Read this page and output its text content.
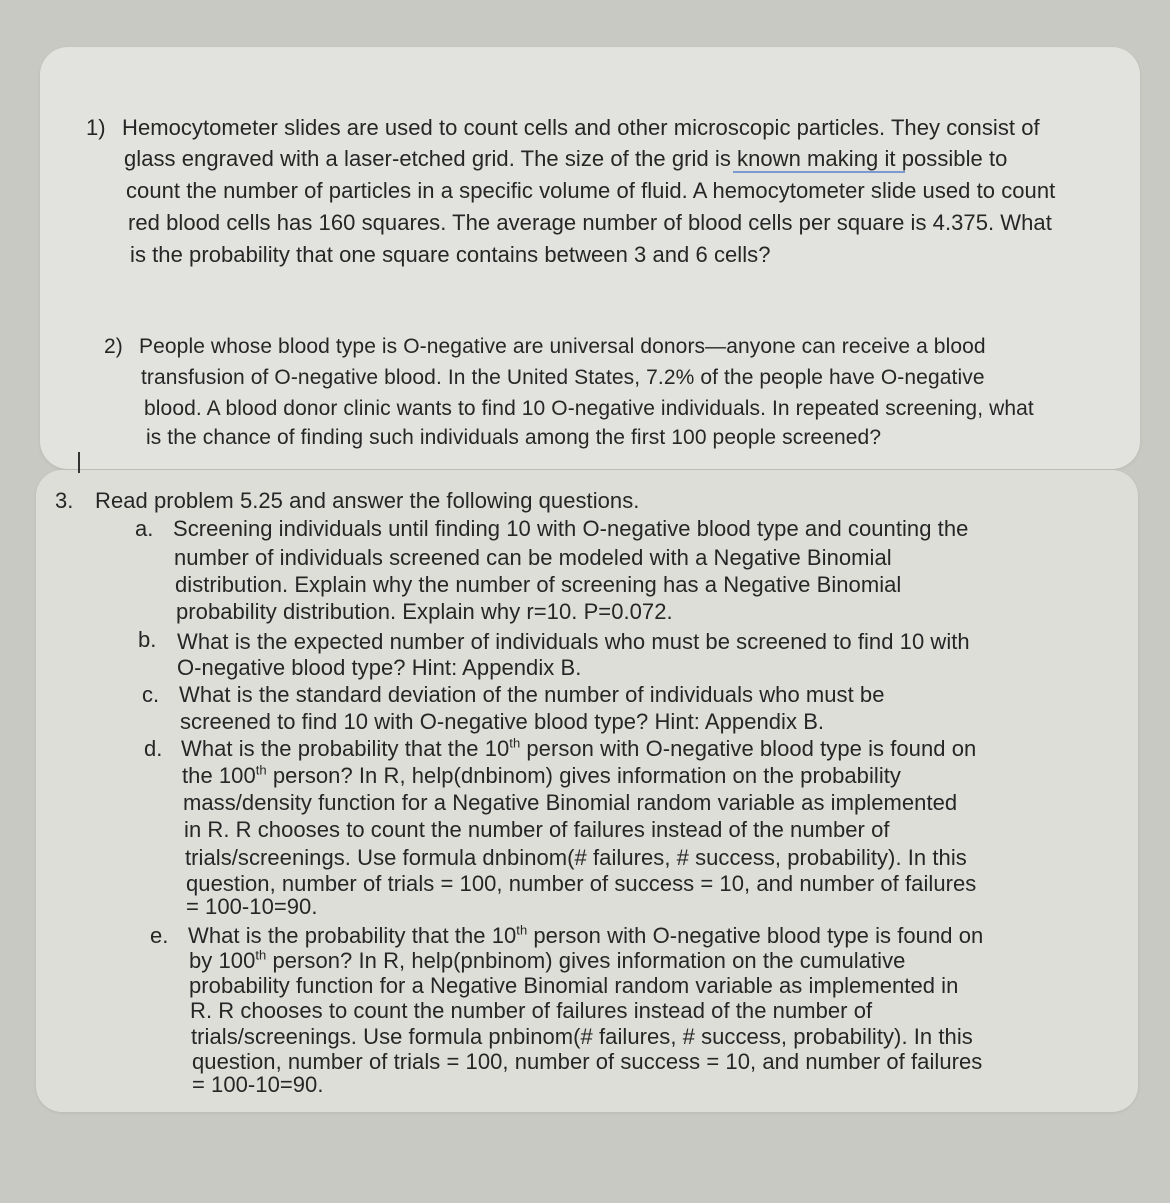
1) Hemocytometer slides are used to count cells and other microscopic particles. They consist of
glass engraved with a laser-etched grid. The size of the grid is known making it possible to
count the number of particles in a specific volume of fluid. A hemocytometer slide used to count
red blood cells has 160 squares. The average number of blood cells per square is 4.375. What
is the probability that one square contains between 3 and 6 cells?
2) People whose blood type is O-negative are universal donors—anyone can receive a blood
transfusion of O-negative blood. In the United States, 7.2% of the people have O-negative
blood. A blood donor clinic wants to find 10 O-negative individuals. In repeated screening, what
is the chance of finding such individuals among the first 100 people screened?
3. Read problem 5.25 and answer the following questions.
a. Screening individuals until finding 10 with O-negative blood type and counting the
number of individuals screened can be modeled with a Negative Binomial
distribution. Explain why the number of screening has a Negative Binomial
probability distribution. Explain why r=10. P=0.072.
b. What is the expected number of individuals who must be screened to find 10 with
O-negative blood type? Hint: Appendix B.
c. What is the standard deviation of the number of individuals who must be
screened to find 10 with O-negative blood type? Hint: Appendix B.
d. What is the probability that the 10th person with O-negative blood type is found on
the 100th person? In R, help(dnbinom) gives information on the probability
mass/density function for a Negative Binomial random variable as implemented
in R. R chooses to count the number of failures instead of the number of
trials/screenings. Use formula dnbinom(# failures, # success, probability). In this
question, number of trials = 100, number of success = 10, and number of failures
= 100-10=90.
e. What is the probability that the 10th person with O-negative blood type is found on
by 100th person? In R, help(pnbinom) gives information on the cumulative
probability function for a Negative Binomial random variable as implemented in
R. R chooses to count the number of failures instead of the number of
trials/screenings. Use formula pnbinom(# failures, # success, probability). In this
question, number of trials = 100, number of success = 10, and number of failures
= 100-10=90.
